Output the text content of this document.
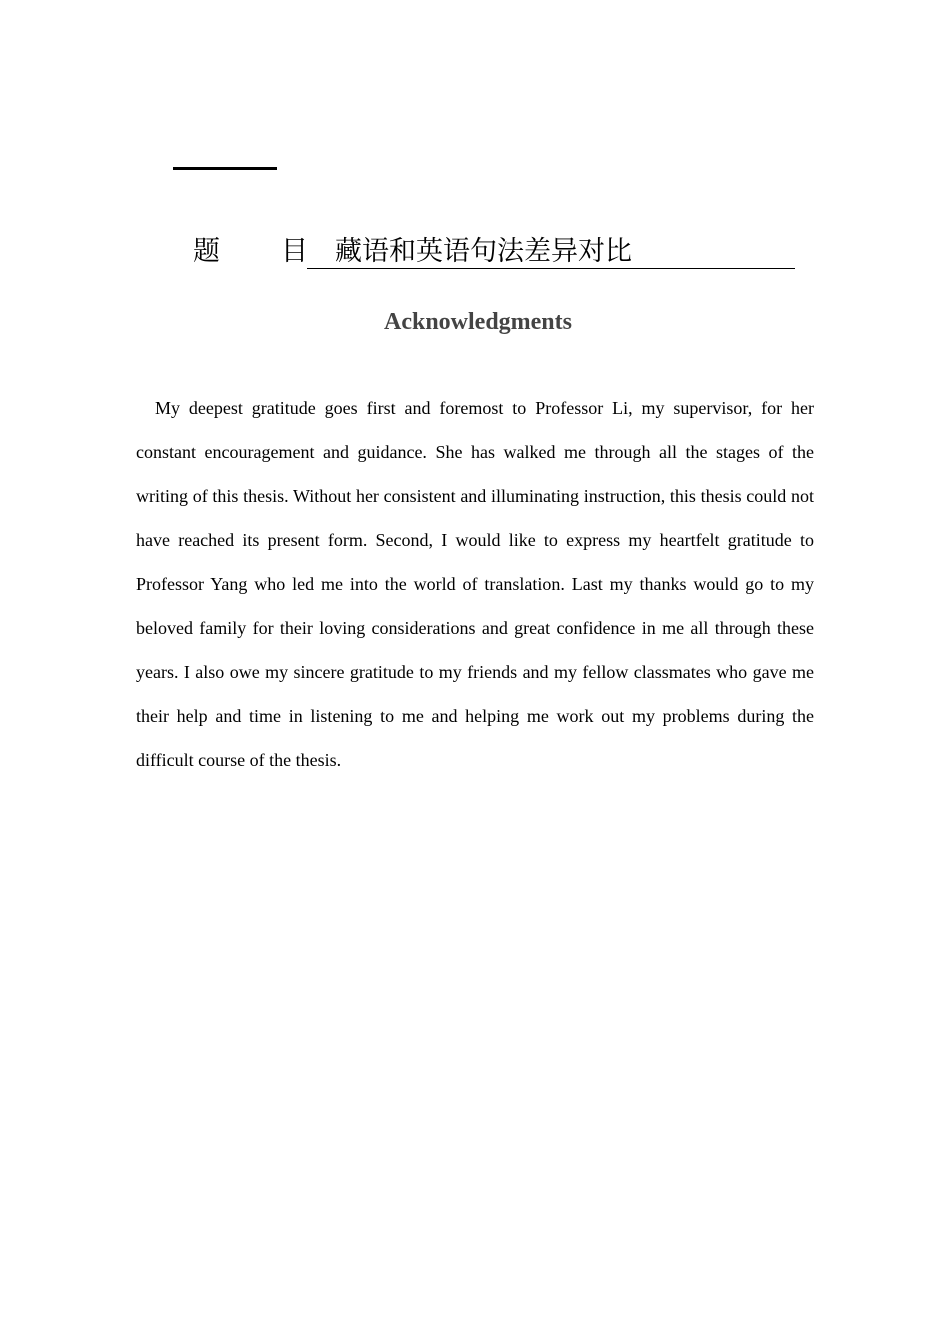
题 目 藏语和英语句法差异对比
Acknowledgments

My deepest gratitude goes first and foremost to Professor Li, my supervisor, for her constant encouragement and guidance. She has walked me through all the stages of the writing of this thesis. Without her consistent and illuminating instruction, this thesis could not have reached its present form. Second, I would like to express my heartfelt gratitude to Professor Yang who led me into the world of translation. Last my thanks would go to my beloved family for their loving considerations and great confidence in me all through these years. I also owe my sincere gratitude to my friends and my fellow classmates who gave me their help and time in listening to me and helping me work out my problems during the difficult course of the thesis.
